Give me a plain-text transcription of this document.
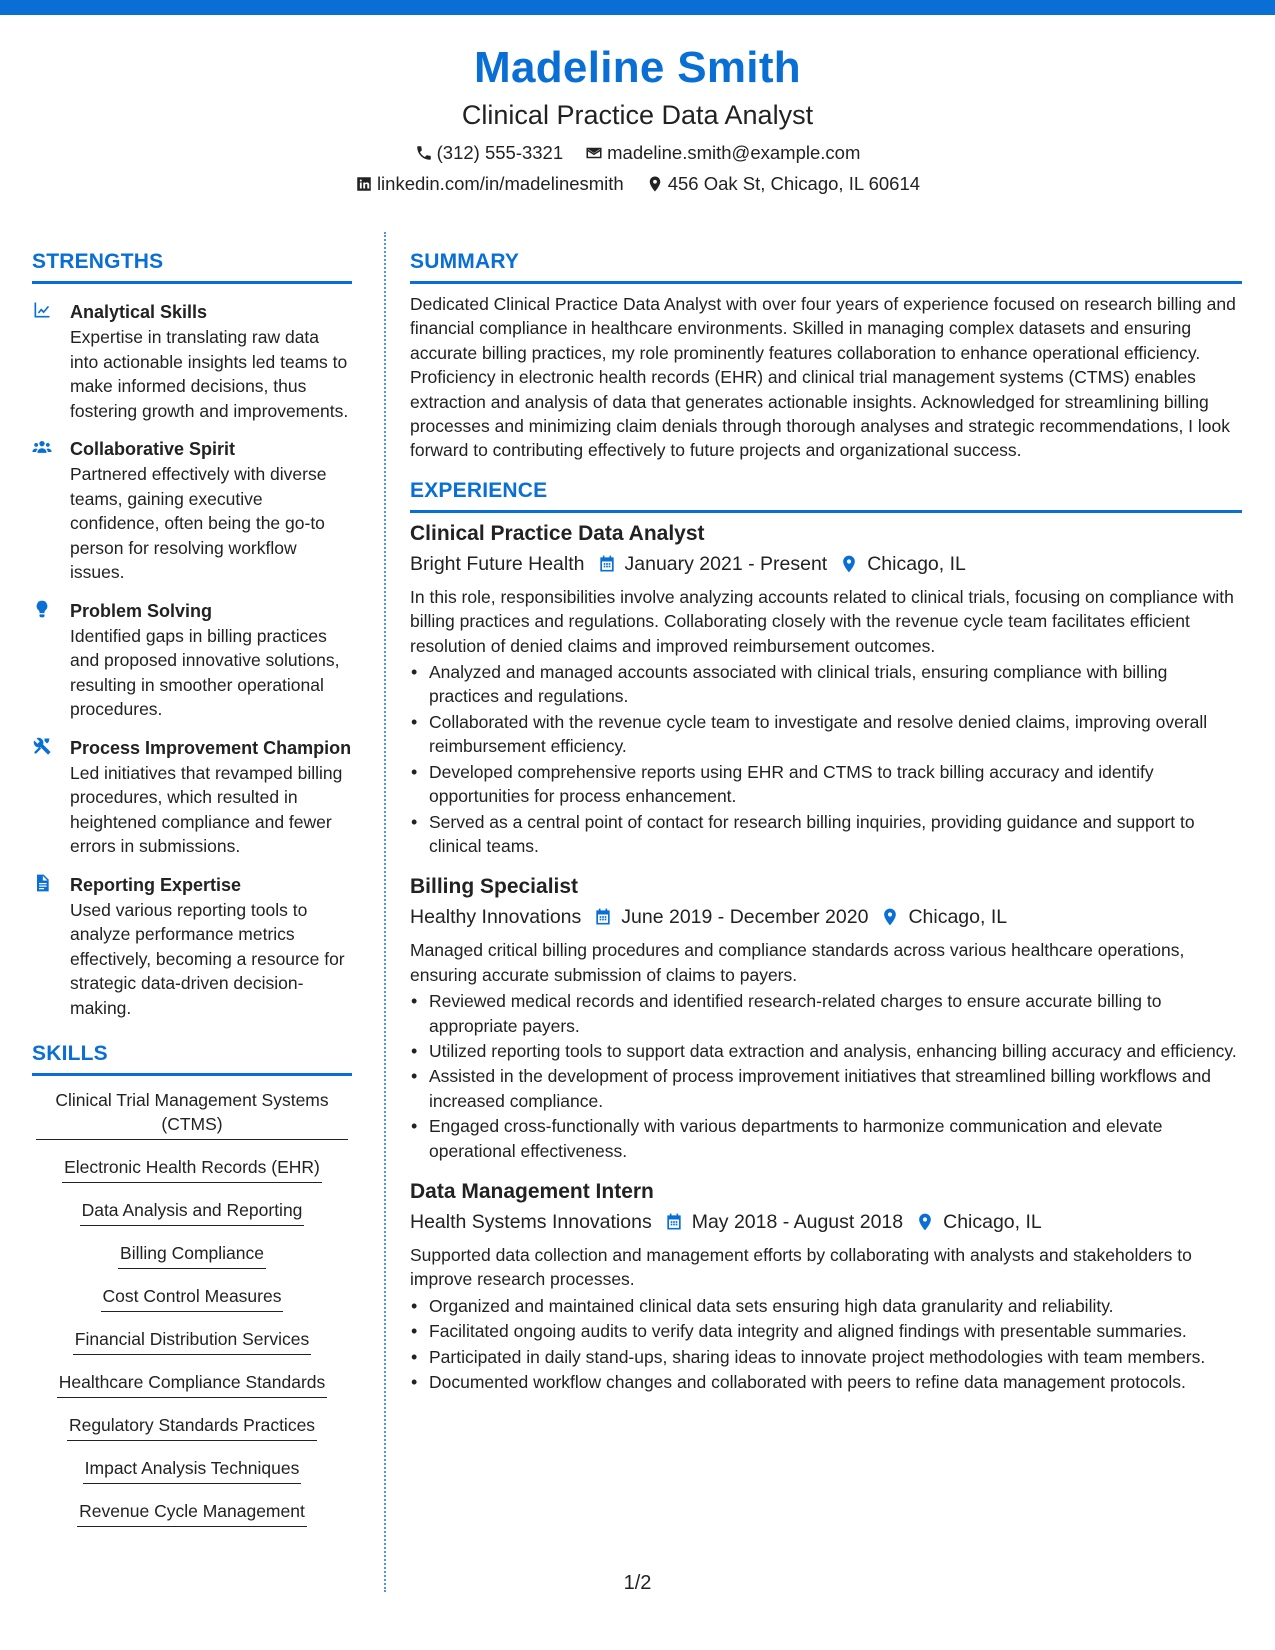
Madeline Smith
Clinical Practice Data Analyst
(312) 555-3321 madeline.smith@example.com
linkedin.com/in/madelinesmith 456 Oak St, Chicago, IL 60614
STRENGTHS
Analytical Skills
Expertise in translating raw data into actionable insights led teams to make informed decisions, thus fostering growth and improvements.
Collaborative Spirit
Partnered effectively with diverse teams, gaining executive confidence, often being the go-to person for resolving workflow issues.
Problem Solving
Identified gaps in billing practices and proposed innovative solutions, resulting in smoother operational procedures.
Process Improvement Champion
Led initiatives that revamped billing procedures, which resulted in heightened compliance and fewer errors in submissions.
Reporting Expertise
Used various reporting tools to analyze performance metrics effectively, becoming a resource for strategic data-driven decision-making.
SKILLS
Clinical Trial Management Systems (CTMS)
Electronic Health Records (EHR)
Data Analysis and Reporting
Billing Compliance
Cost Control Measures
Financial Distribution Services
Healthcare Compliance Standards
Regulatory Standards Practices
Impact Analysis Techniques
Revenue Cycle Management
SUMMARY

Dedicated Clinical Practice Data Analyst with over four years of experience focused on research billing and financial compliance in healthcare environments. Skilled in managing complex datasets and ensuring accurate billing practices, my role prominently features collaboration to enhance operational efficiency. Proficiency in electronic health records (EHR) and clinical trial management systems (CTMS) enables extraction and analysis of data that generates actionable insights. Acknowledged for streamlining billing processes and minimizing claim denials through thorough analyses and strategic recommendations, I look forward to contributing effectively to future projects and organizational success.

EXPERIENCE
Clinical Practice Data Analyst
Bright Future Health January 2021 - Present Chicago, IL

In this role, responsibilities involve analyzing accounts related to clinical trials, focusing on compliance with billing practices and regulations. Collaborating closely with the revenue cycle team facilitates efficient resolution of denied claims and improved reimbursement outcomes.

• Analyzed and managed accounts associated with clinical trials, ensuring compliance with billing practices and regulations.
• Collaborated with the revenue cycle team to investigate and resolve denied claims, improving overall reimbursement efficiency.
• Developed comprehensive reports using EHR and CTMS to track billing accuracy and identify opportunities for process enhancement.
• Served as a central point of contact for research billing inquiries, providing guidance and support to clinical teams.
Billing Specialist
Healthy Innovations June 2019 - December 2020 Chicago, IL

Managed critical billing procedures and compliance standards across various healthcare operations, ensuring accurate submission of claims to payers.

• Reviewed medical records and identified research-related charges to ensure accurate billing to appropriate payers.
• Utilized reporting tools to support data extraction and analysis, enhancing billing accuracy and efficiency.
• Assisted in the development of process improvement initiatives that streamlined billing workflows and increased compliance.
• Engaged cross-functionally with various departments to harmonize communication and elevate operational effectiveness.
Data Management Intern
Health Systems Innovations May 2018 - August 2018 Chicago, IL

Supported data collection and management efforts by collaborating with analysts and stakeholders to improve research processes.

• Organized and maintained clinical data sets ensuring high data granularity and reliability.
• Facilitated ongoing audits to verify data integrity and aligned findings with presentable summaries.
• Participated in daily stand-ups, sharing ideas to innovate project methodologies with team members.
• Documented workflow changes and collaborated with peers to refine data management protocols.
1/2
